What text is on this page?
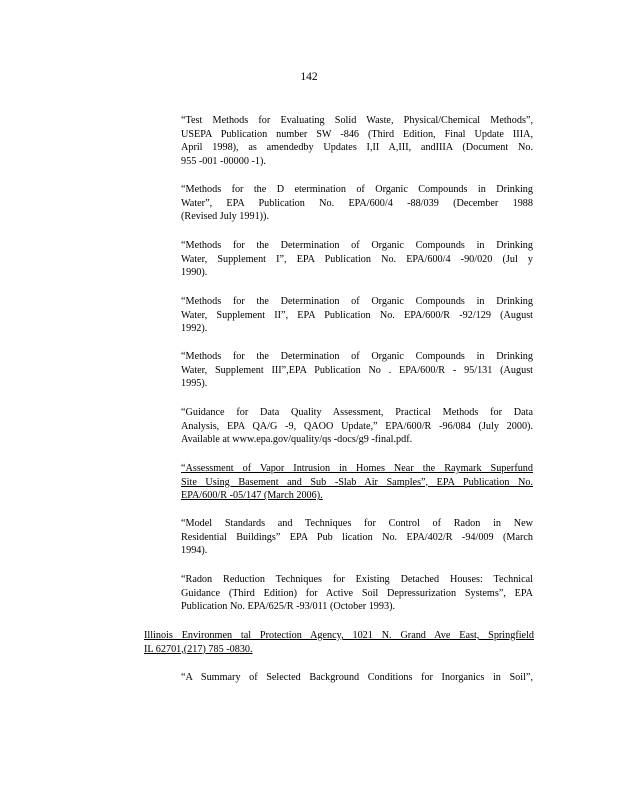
142
“Test Methods for Evaluating Solid Waste, Physical/Chemical Methods”,
USEPA Publication number SW -846 (Third Edition, Final Update IIIA,
April 1998), as amendedby Updates I,II A,III, andIIIA (Document No.
955 -001 -00000 -1).
“Methods for the D etermination of Organic Compounds in Drinking
Water”, EPA Publication No. EPA/600/4 -88/039 (December 1988
(Revised July 1991)).
“Methods for the Determination of Organic Compounds in Drinking
Water, Supplement I”, EPA Publication No. EPA/600/4 -90/020 (Jul y
1990).
“Methods for the Determination of Organic Compounds in Drinking
Water, Supplement II”, EPA Publication No. EPA/600/R -92/129 (August
1992).
“Methods for the Determination of Organic Compounds in Drinking
Water, Supplement III”,EPA Publication No . EPA/600/R - 95/131 (August
1995).
“Guidance for Data Quality Assessment, Practical Methods for Data
Analysis, EPA QA/G -9, QAOO Update,” EPA/600/R -96/084 (July 2000).
Available at www.epa.gov/quality/qs -docs/g9 -final.pdf.
“Assessment of Vapor Intrusion in Homes Near the Raymark Superfund
Site Using Basement and Sub -Slab Air Samples”, EPA Publication No.
EPA/600/R -05/147 (March 2006).
“Model Standards and Techniques for Control of Radon in New
Residential Buildings” EPA Pub lication No. EPA/402/R -94/009 (March
1994).
“Radon Reduction Techniques for Existing Detached Houses: Technical
Guidance (Third Edition) for Active Soil Depressurization Systems”, EPA
Publication No. EPA/625/R -93/011 (October 1993).
Illinois Environmen tal Protection Agency, 1021 N. Grand Ave East, Springfield
IL 62701,(217) 785 -0830.
“A Summary of Selected Background Conditions for Inorganics in Soil”,
